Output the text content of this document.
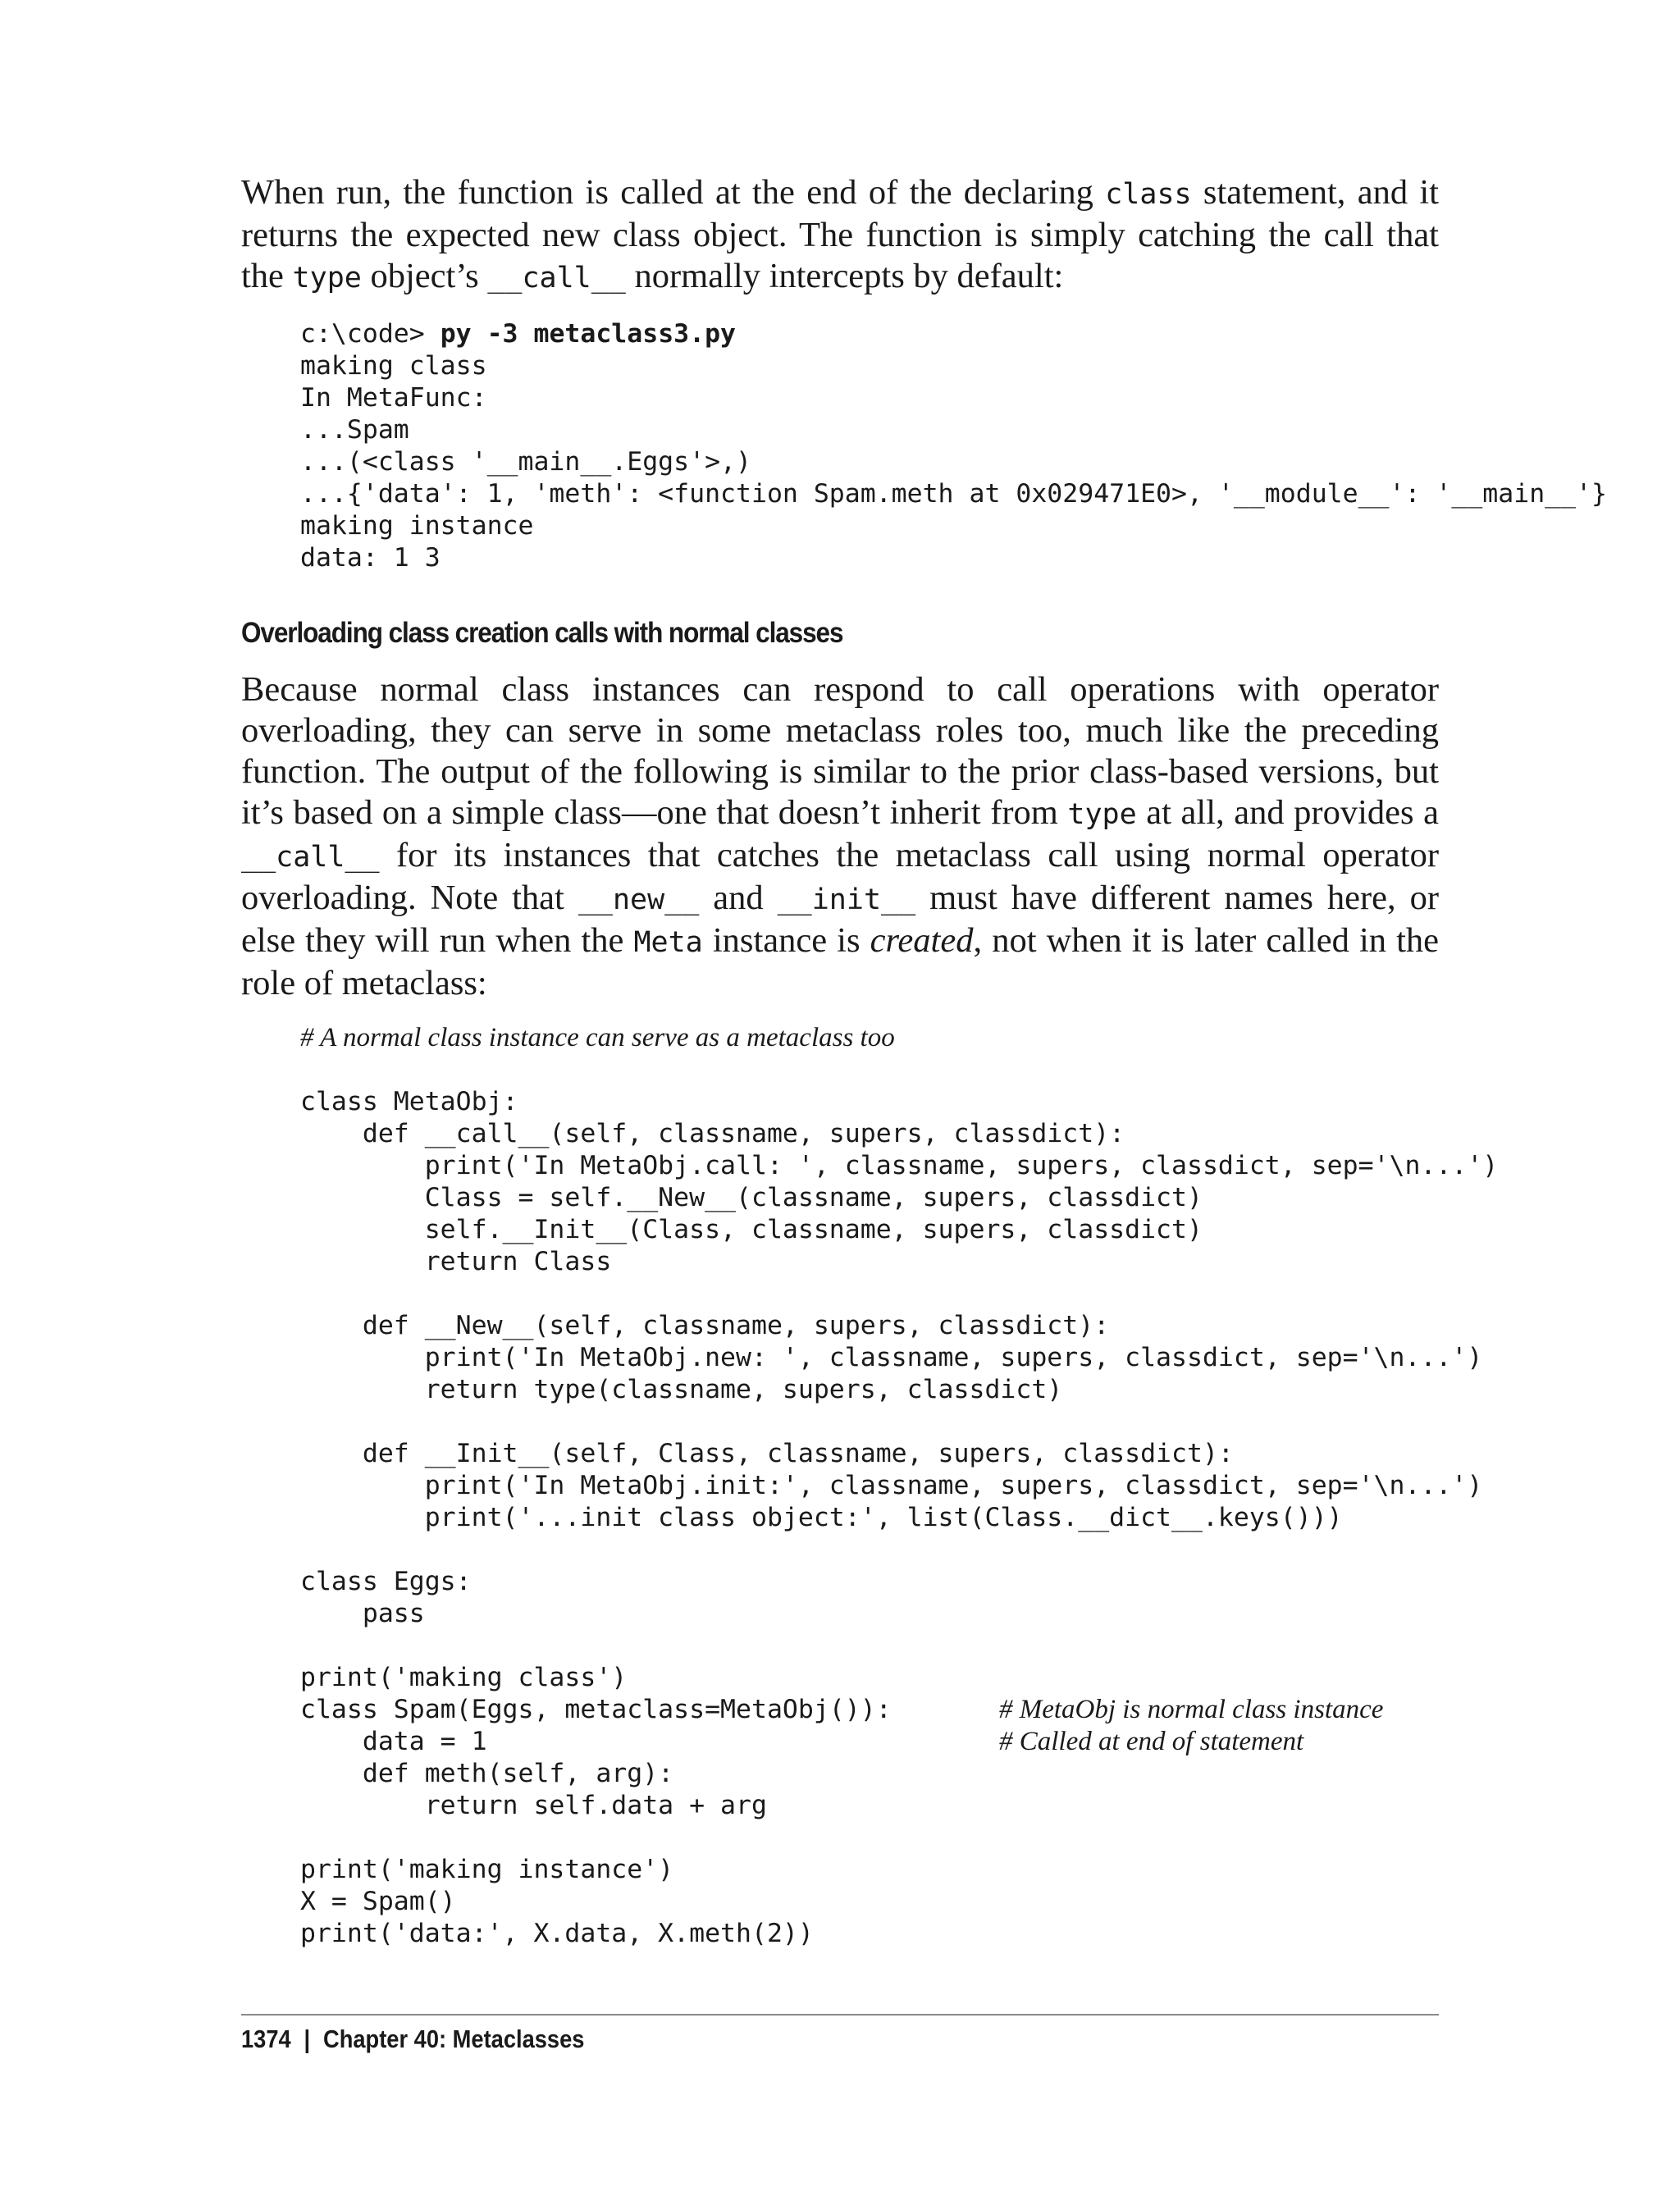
When run, the function is called at the end of the declaring class statement, and it returns the expected new class object. The function is simply catching the call that the type object’s __call__ normally intercepts by default:

c:\code> py -3 metaclass3.py
making class
In MetaFunc:
...Spam
...(<class '__main__.Eggs'>,)
...{'data': 1, 'meth': <function Spam.meth at 0x029471E0>, '__module__': '__main__'}
making instance
data: 1 3
Overloading class creation calls with normal classes

Because normal class instances can respond to call operations with operator overloading, they can serve in some metaclass roles too, much like the preceding function. The output of the following is similar to the prior class-based versions, but it’s based on a simple class—one that doesn’t inherit from type at all, and provides a __call__ for its instances that catches the metaclass call using normal operator overloading. Note that __new__ and __init__ must have different names here, or else they will run when the Meta instance is created, not when it is later called in the role of metaclass:

# A normal class instance can serve as a metaclass too

class MetaObj:
def __call__(self, classname, supers, classdict):
print('In MetaObj.call: ', classname, supers, classdict, sep='\n...')
Class = self.__New__(classname, supers, classdict)
self.__Init__(Class, classname, supers, classdict)
return Class

def __New__(self, classname, supers, classdict):
print('In MetaObj.new: ', classname, supers, classdict, sep='\n...')
return type(classname, supers, classdict)

def __Init__(self, Class, classname, supers, classdict):
print('In MetaObj.init:', classname, supers, classdict, sep='\n...')
print('...init class object:', list(Class.__dict__.keys()))

class Eggs:
pass

print('making class')

class Spam(Eggs, metaclass=MetaObj()):	# MetaObj is normal class instance
data = 1	# Called at end of statement
def meth(self, arg):
return self.data + arg

print('making instance')
X = Spam()
print('data:', X.data, X.meth(2))
1374 | Chapter 40: Metaclasses
